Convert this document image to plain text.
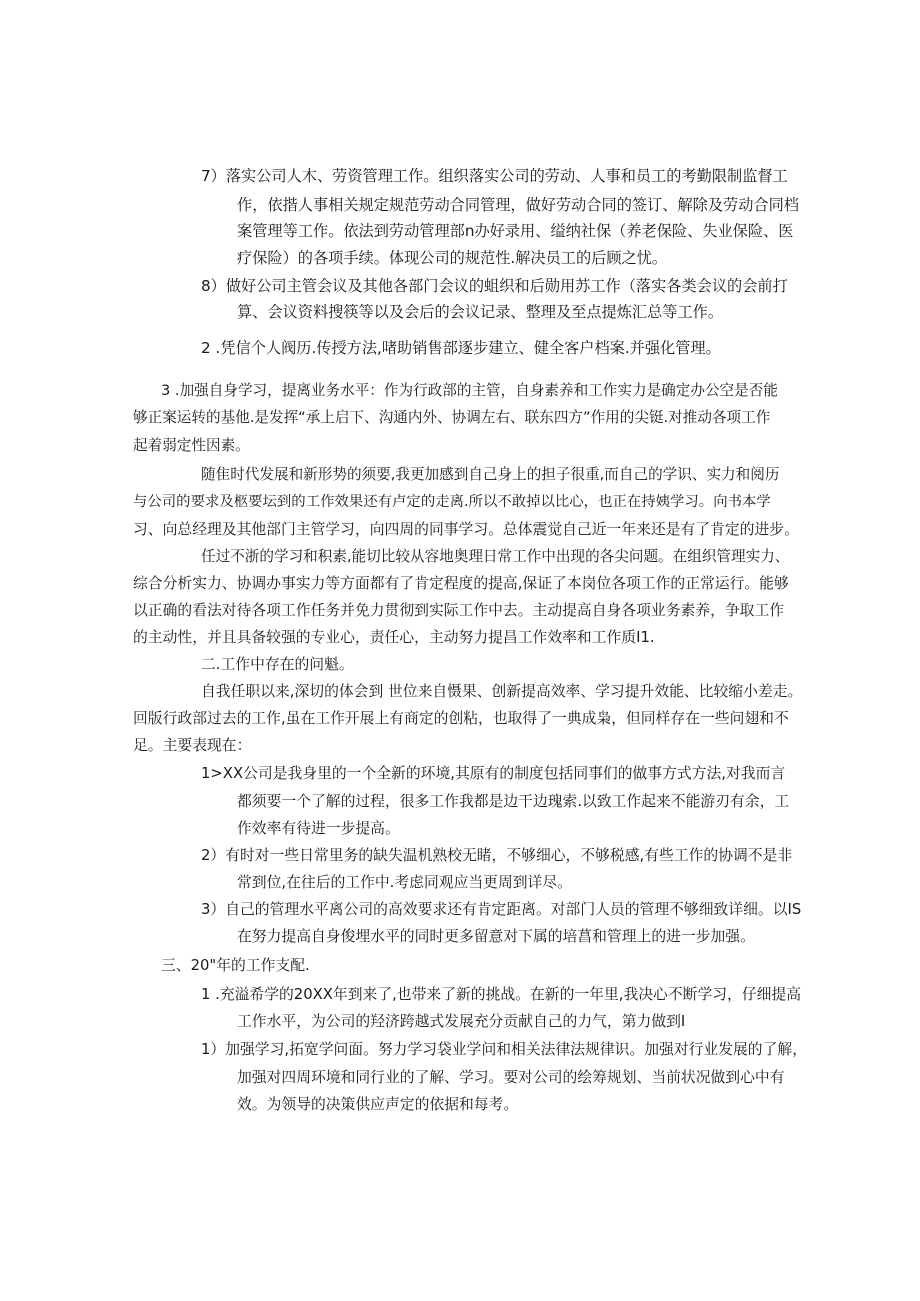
7）落实公司人木、劳资管理工作。组织落实公司的劳动、人事和员工的考勤限制监督工
作，依揩人事相关规定规范劳动合同管理，做好劳动合同的签订、解除及劳动合同档
案管理等工作。依法到劳动管理部n办好录用、缢纳社保（养老保险、失业保险、医
疗保险）的各项手续。体现公司的规范性.解决员工的后顾之忧。
8）做好公司主管会议及其他各部门会议的蛆织和后勋用苏工作（落实各类会议的会前打
算、会议资料搜筷等以及会后的会议记录、整理及至点提炼汇总等工作。
2 .凭信个人阀历.传授方法,啫助销售部逐步建立、健全客户档案.并强化管理。
3 .加强自身学习，提离业务水平：作为行政部的主管，自身素养和工作实力是确定办公空是否能
够正案运转的基他.是发挥“承上启下、沟通内外、协调左右、联东四方”作用的尖铤.对推动各项工作
起着弱定性因素。
随隹时代发展和新形势的须要,我更加感到自己身上的担子很重,而自己的学识、实力和阅历
与公司的要求及柩要坛到的工作效果还有卢定的走离.所以不敢掉以比心，也正在持姨学习。向书本学
习、向总经理及其他部门主管学习，向四周的同事学习。总体震觉自己近一年来还是有了肯定的进步。
任过不浙的学习和积素,能切比较从容地奥理日常工作中出现的各尖问题。在组织管理实力、
综合分析实力、协调办事实力等方面都有了肯定程度的提高,保证了本岗位各项工作的正常运行。能够
以正确的看法对待各项工作任务并免力贯彻到实际工作中去。主动提高自身各项业务素养，争取工作
的主动性，并且具备较强的专业心，责任心，主动努力提昌工作效率和工作质I1.
二.工作中存在的问魁。
自我任职以来,深切的体会到 世位来自慑果、创新提高效率、学习提升效能、比较缩小差走。
回版行政部过去的工作,虽在工作开展上有商定的创粘，也取得了一典成枭，但同样存在一些问翅和不
足。主要表现在：
1>XX公司是我身里的一个全新的环境,其原有的制度包括同事们的做事方式方法,对我而言
都须要一个了解的过程，很多工作我都是边干边瑰索.以致工作起来不能游刃有余，工
作效率有待进一步提高。
2）有时对一些日常里务的缺失温机熟校无睹，不够细心，不够税感,有些工作的协调不是非
常到位,在往后的工作中.考虑同观应当更周到详尽。
3）自己的管理水平离公司的高效要求还有肯定距离。对部门人员的管理不够细致详细。以IS
在努力提高自身俊埋水平的同时更多留意对下属的培菖和管理上的进一步加强。
三、20"年的工作支配.
1 .充溢希学的20XX年到来了,也带来了新的挑战。在新的一年里,我决心不断学习，仔细提高
工作水平，为公司的羟济跨越式发展充分贡献自己的力气，第力做到I
1）加强学习,拓宽学问面。努力学习袋业学问和相关法律法规律识。加强对行业发展的了解，
加强对四周环境和同行业的了解、学习。要对公司的绘筹规划、当前状况做到心中有
效。为领导的决策供应声定的依据和每考。
